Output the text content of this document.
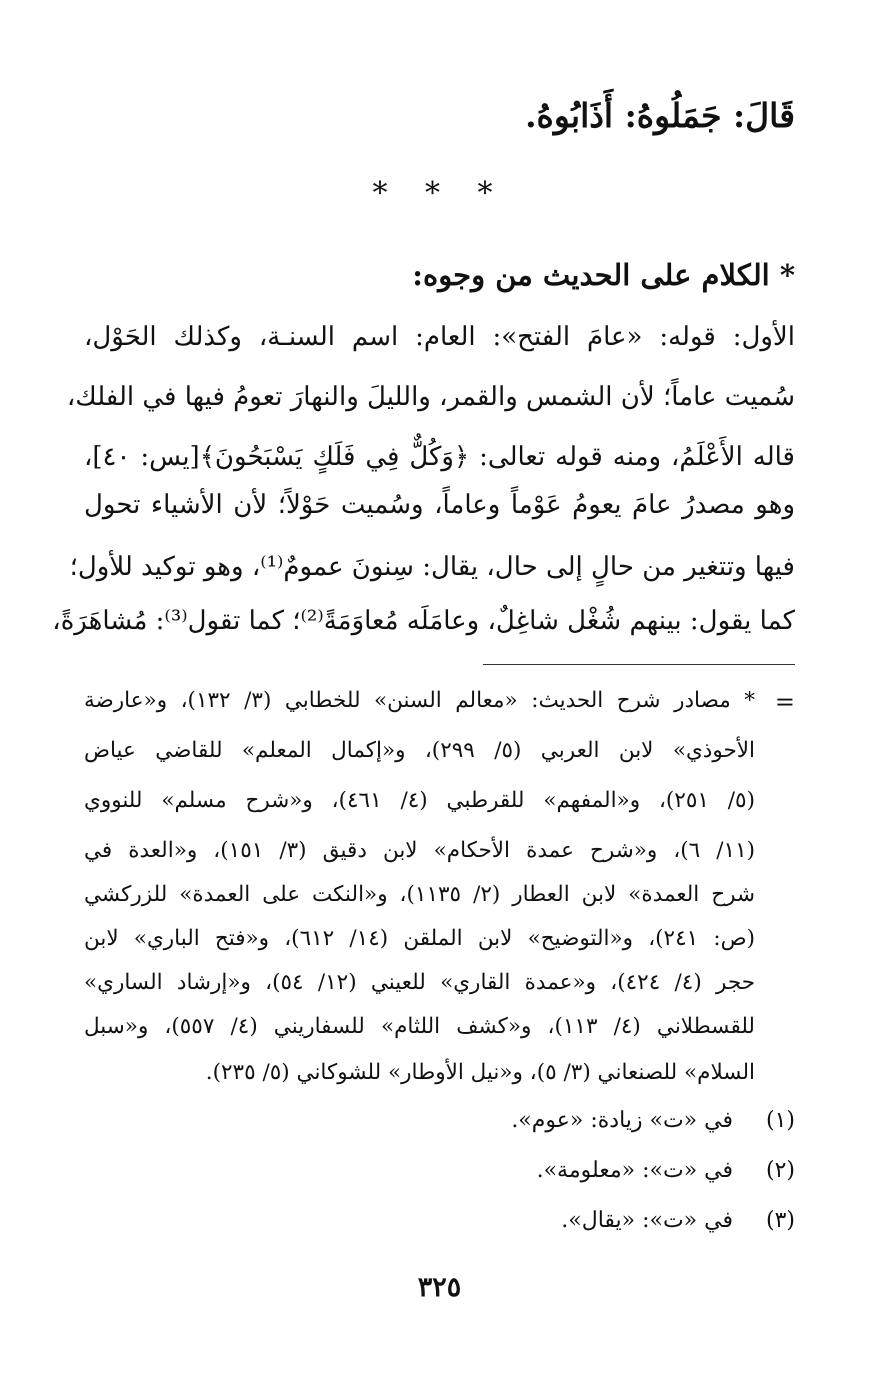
قَالَ: جَمَلُوهُ: أَذَابُوهُ.
* * *
* الكلام على الحديث من وجوه:
الأول: قوله: «عامَ الفتح»: العام: اسم السنـة، وكذلك الحَوْل،
سُميت عاماً؛ لأن الشمس والقمر، والليلَ والنهارَ تعومُ فيها في الفلك،
قاله الأَعْلَمُ، ومنه قوله تعالى: ﴿وَكُلٌّ فِي فَلَكٍ يَسْبَحُونَ﴾[يس: ٤٠]،
وهو مصدرُ عامَ يعومُ عَوْماً وعاماً، وسُميت حَوْلاً؛ لأن الأشياء تحول
فيها وتتغير من حالٍ إلى حال، يقال: سِنونَ عمومٌ⁽¹⁾، وهو توكيد للأول؛
كما يقول: بينهم شُغْل شاغِلٌ، وعامَلَه مُعاوَمَةً⁽²⁾؛ كما تقول⁽³⁾: مُشاهَرَةً،
=
* مصادر شرح الحديث: «معالم السنن» للخطابي (٣/ ١٣٢)، و«عارضة
الأحوذي» لابن العربي (٥/ ٢٩٩)، و«إكمال المعلم» للقاضي عياض
(٥/ ٢٥١)، و«المفهم» للقرطبي (٤/ ٤٦١)، و«شرح مسلم» للنووي
(١١/ ٦)، و«شرح عمدة الأحكام» لابن دقيق (٣/ ١٥١)، و«العدة في
شرح العمدة» لابن العطار (٢/ ١١٣٥)، و«النكت على العمدة» للزركشي
(ص: ٢٤١)، و«التوضيح» لابن الملقن (١٤/ ٦١٢)، و«فتح الباري» لابن
حجر (٤/ ٤٢٤)، و«عمدة القاري» للعيني (١٢/ ٥٤)، و«إرشاد الساري»
للقسطلاني (٤/ ١١٣)، و«كشف اللثام» للسفاريني (٤/ ٥٥٧)، و«سبل
السلام» للصنعاني (٣/ ٥)، و«نيل الأوطار» للشوكاني (٥/ ٢٣٥).
(١)
في «ت» زيادة: «عوم».
(٢)
في «ت»: «معلومة».
(٣)
في «ت»: «يقال».
٣٢٥
